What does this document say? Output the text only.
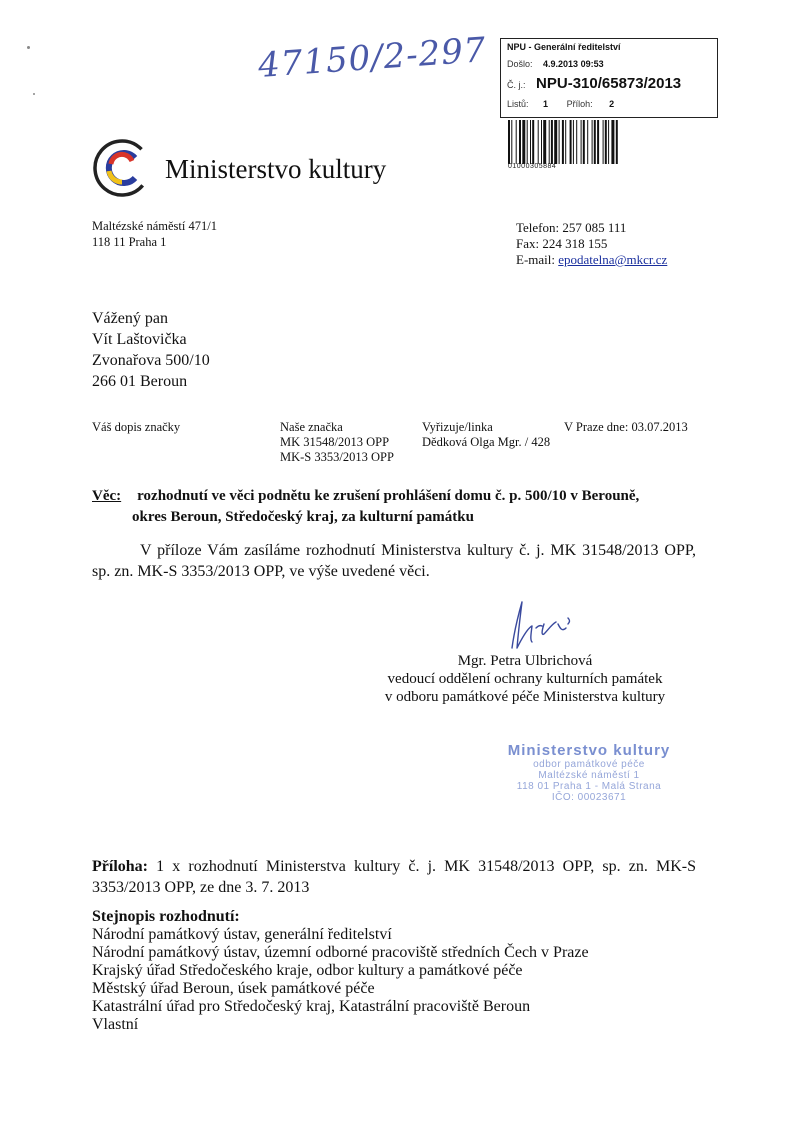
47150/2-297 NPU - Generální ředitelství
Došlo: 4.9.2013 09:53
Č. j.: NPU-310/65873/2013
Listů: 1 Příloh: 2
01000305884
Ministerstvo kultury
Maltézské náměstí 471/1
118 11 Praha 1
Telefon: 257 085 111
Fax: 224 318 155
E-mail: epodatelna@mkcr.cz
Vážený pan
Vít Laštovička
Zvonařova 500/10
266 01 Beroun
Váš dopis značky	Naše značka
MK 31548/2013 OPP
MK-S 3353/2013 OPP
Vyřizuje/linka
Dědková Olga Mgr. / 428
V Praze dne: 03.07.2013
Věc: rozhodnutí ve věci podnětu ke zrušení prohlášení domu č. p. 500/10 v Berouně,
okres Beroun, Středočeský kraj, za kulturní památku
V příloze Vám zasíláme rozhodnutí Ministerstva kultury č. j. MK 31548/2013 OPP, sp. zn. MK-S 3353/2013 OPP, ve výše uvedené věci.
Mgr. Petra Ulbrichová
vedoucí oddělení ochrany kulturních památek
v odboru památkové péče Ministerstva kultury
Ministerstvo kultury
odbor památkové péče
Maltézské náměstí 1
118 01 Praha 1 - Malá Strana
IČO: 00023671
Příloha: 1 x rozhodnutí Ministerstva kultury č. j. MK 31548/2013 OPP, sp. zn. MK-S 3353/2013 OPP, ze dne 3. 7. 2013
Stejnopis rozhodnutí:
Národní památkový ústav, generální ředitelství
Národní památkový ústav, územní odborné pracoviště středních Čech v Praze
Krajský úřad Středočeského kraje, odbor kultury a památkové péče
Městský úřad Beroun, úsek památkové péče
Katastrální úřad pro Středočeský kraj, Katastrální pracoviště Beroun
Vlastní
